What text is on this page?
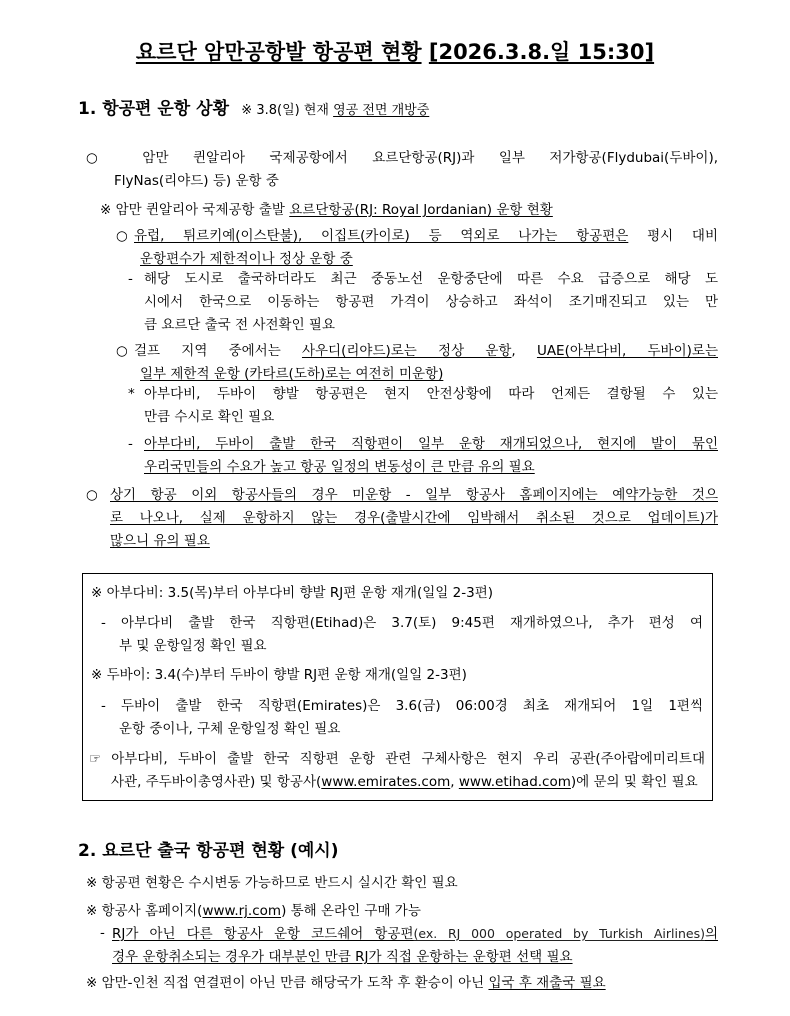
요르단 암만공항발 항공편 현황 [2026.3.8.일 15:30]
1. 항공편 운항 상황 ※ 3.8(일) 현재 영공 전면 개방중
○ 암만 퀸알리아 국제공항에서 요르단항공(RJ)과 일부 저가항공(Flydubai(두바이),
FlyNas(리야드) 등) 운항 중
※ 암만 퀸알리아 국제공항 출발 요르단항공(RJ: Royal Jordanian) 운항 현황
○ 유럽, 튀르키예(이스탄불), 이집트(카이로) 등 역외로 나가는 항공편은 평시 대비
운항편수가 제한적이나 정상 운항 중
- 해당 도시로 출국하더라도 최근 중동노선 운항중단에 따른 수요 급증으로 해당 도
시에서 한국으로 이동하는 항공편 가격이 상승하고 좌석이 조기매진되고 있는 만
큼 요르단 출국 전 사전확인 필요
○ 걸프 지역 중에서는 사우디(리야드)로는 정상 운항, UAE(아부다비, 두바이)로는
일부 제한적 운항 (카타르(도하)로는 여전히 미운항)
* 아부다비, 두바이 향발 항공편은 현지 안전상황에 따라 언제든 결항될 수 있는
만큼 수시로 확인 필요
- 아부다비, 두바이 출발 한국 직항편이 일부 운항 재개되었으나, 현지에 발이 묶인
우리국민들의 수요가 높고 항공 일정의 변동성이 큰 만큼 유의 필요
○ 상기 항공 이외 항공사들의 경우 미운항 - 일부 항공사 홈페이지에는 예약가능한 것으
로 나오나, 실제 운항하지 않는 경우(출발시간에 임박해서 취소된 것으로 업데이트)가
많으니 유의 필요
※ 아부다비: 3.5(목)부터 아부다비 향발 RJ편 운항 재개(일일 2-3편)
- 아부다비 출발 한국 직항편(Etihad)은 3.7(토) 9:45편 재개하였으나, 추가 편성 여
부 및 운항일정 확인 필요
※ 두바이: 3.4(수)부터 두바이 향발 RJ편 운항 재개(일일 2-3편)
- 두바이 출발 한국 직항편(Emirates)은 3.6(금) 06:00경 최초 재개되어 1일 1편씩
운항 중이나, 구체 운항일정 확인 필요
☞ 아부다비, 두바이 출발 한국 직항편 운항 관련 구체사항은 현지 우리 공관(주아랍에미리트대
사관, 주두바이총영사관) 및 항공사(www.emirates.com, www.etihad.com)에 문의 및 확인 필요
2. 요르단 출국 항공편 현황 (예시)
※ 항공편 현황은 수시변동 가능하므로 반드시 실시간 확인 필요
※ 항공사 홈페이지(www.rj.com) 통해 온라인 구매 가능
- RJ가 아닌 다른 항공사 운항 코드쉐어 항공편(ex. RJ 000 operated by Turkish Airlines)의
경우 운항취소되는 경우가 대부분인 만큼 RJ가 직접 운항하는 운항편 선택 필요
※ 암만-인천 직접 연결편이 아닌 만큼 해당국가 도착 후 환승이 아닌 입국 후 재출국 필요
